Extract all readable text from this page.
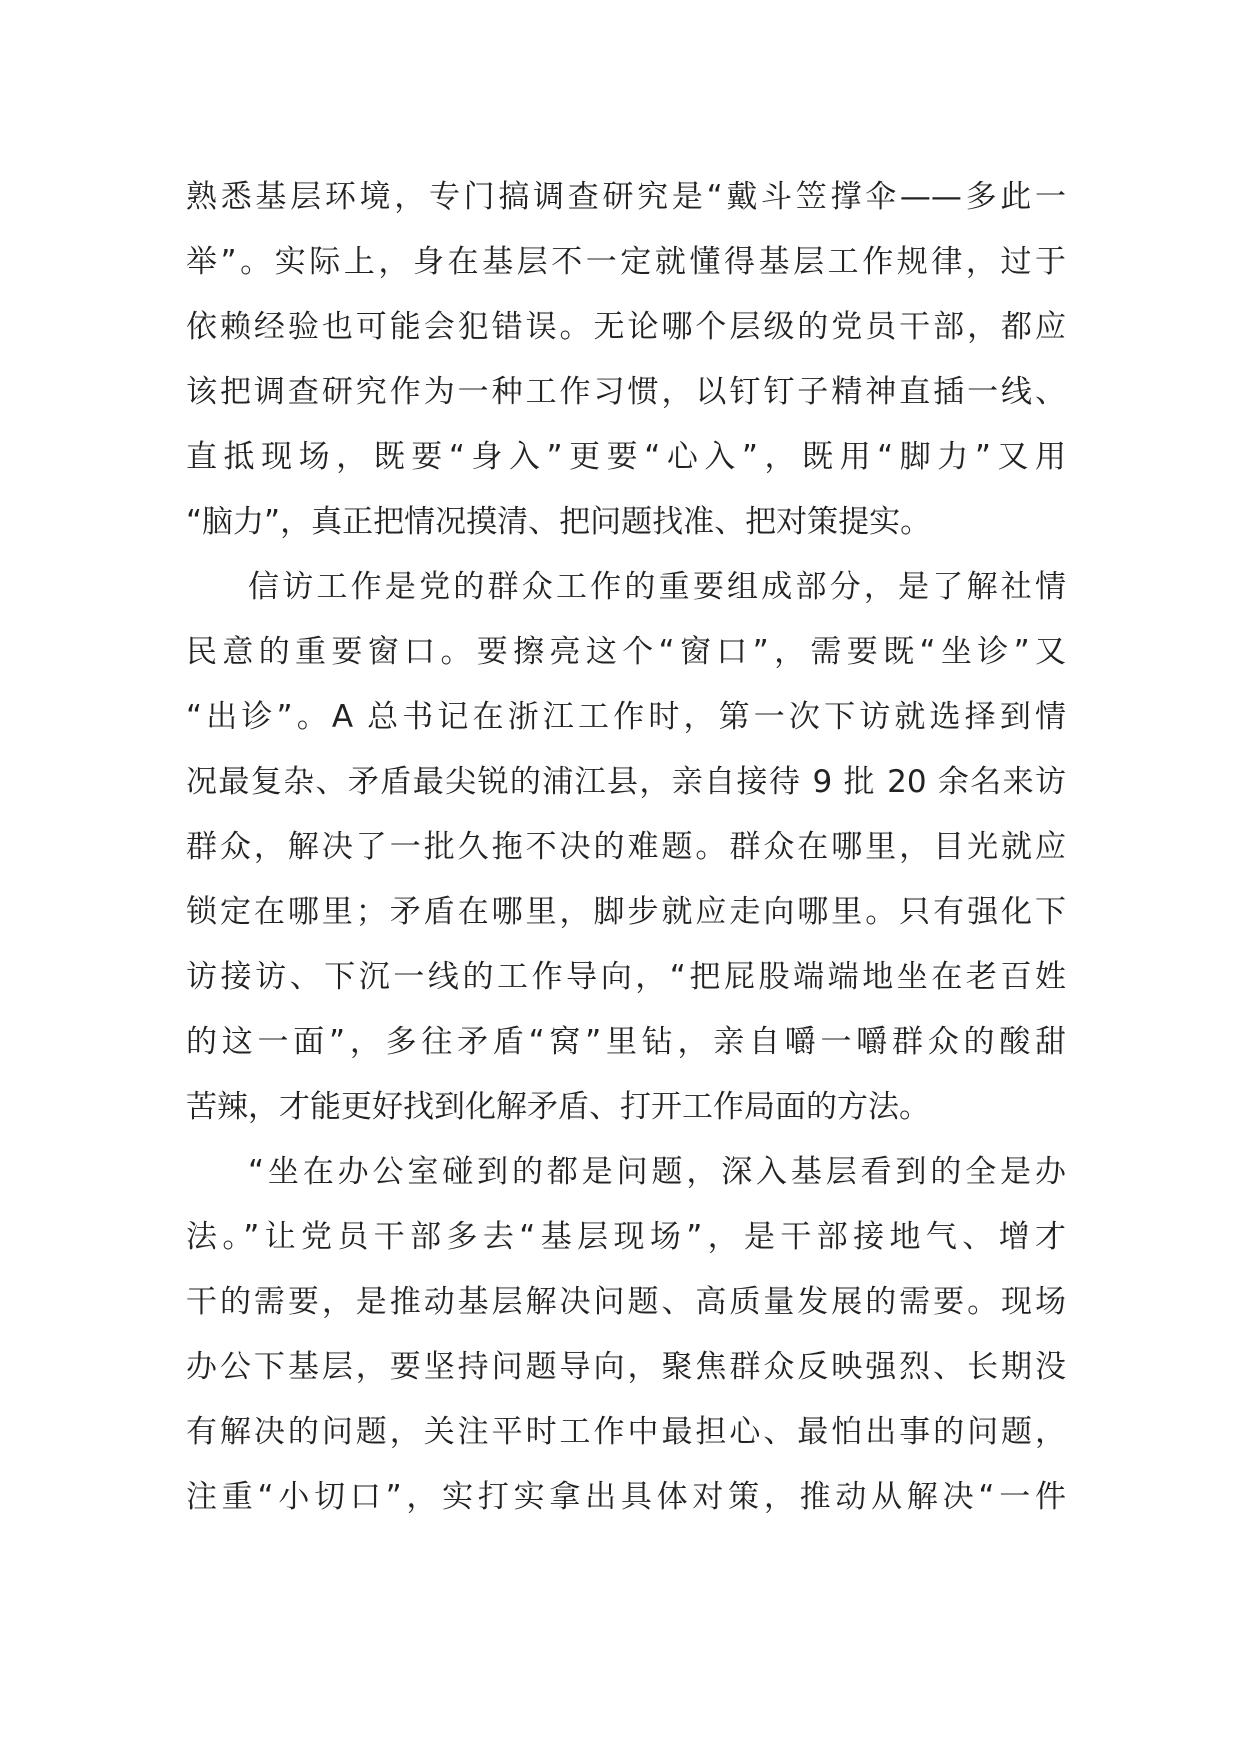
熟悉基层环境，专门搞调查研究是“戴斗笠撑伞——多此一
举”。实际上，身在基层不一定就懂得基层工作规律，过于
依赖经验也可能会犯错误。无论哪个层级的党员干部，都应
该把调查研究作为一种工作习惯，以钉钉子精神直插一线、
直抵现场，既要“身入”更要“心入”，既用“脚力”又用
“脑力”，真正把情况摸清、把问题找准、把对策提实。
信访工作是党的群众工作的重要组成部分，是了解社情
民意的重要窗口。要擦亮这个“窗口”，需要既“坐诊”又
“出诊”。A 总书记在浙江工作时，第一次下访就选择到情
况最复杂、矛盾最尖锐的浦江县，亲自接待 9 批 20 余名来访
群众，解决了一批久拖不决的难题。群众在哪里，目光就应
锁定在哪里；矛盾在哪里，脚步就应走向哪里。只有强化下
访接访、下沉一线的工作导向，“把屁股端端地坐在老百姓
的这一面”，多往矛盾“窝”里钻，亲自嚼一嚼群众的酸甜
苦辣，才能更好找到化解矛盾、打开工作局面的方法。
“坐在办公室碰到的都是问题，深入基层看到的全是办
法。”让党员干部多去“基层现场”，是干部接地气、增才
干的需要，是推动基层解决问题、高质量发展的需要。现场
办公下基层，要坚持问题导向，聚焦群众反映强烈、长期没
有解决的问题，关注平时工作中最担心、最怕出事的问题，
注重“小切口”，实打实拿出具体对策，推动从解决“一件
